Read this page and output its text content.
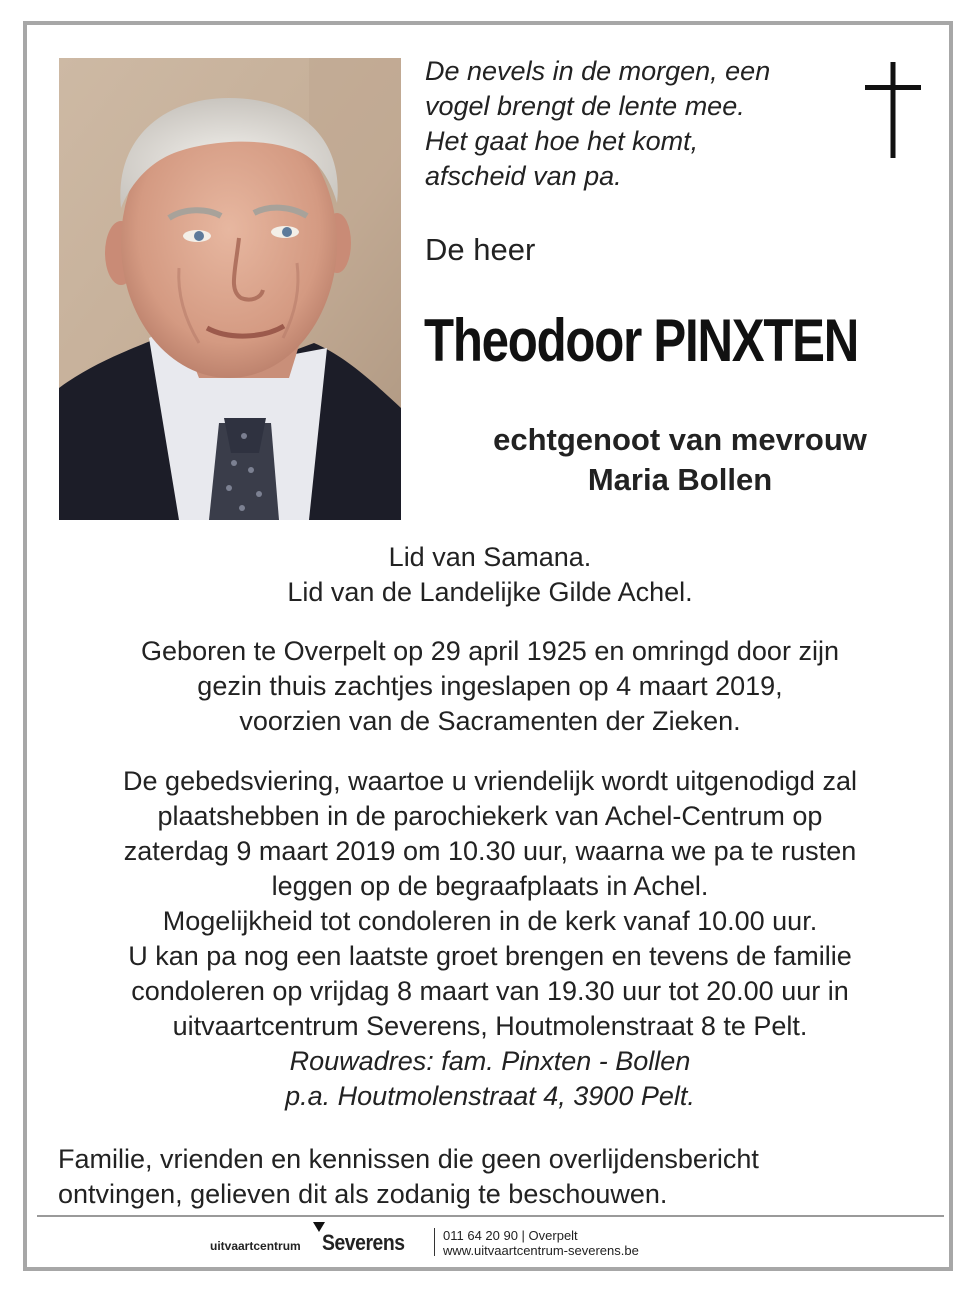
De nevels in de morgen, een
vogel brengt de lente mee.
Het gaat hoe het komt,
afscheid van pa.
De heer
Theodoor PINXTEN
echtgenoot van mevrouw
Maria Bollen
Lid van Samana.
Lid van de Landelijke Gilde Achel.
Geboren te Overpelt op 29 april 1925 en omringd door zijn
gezin thuis zachtjes ingeslapen op 4 maart 2019,
voorzien van de Sacramenten der Zieken.
De gebedsviering, waartoe u vriendelijk wordt uitgenodigd zal
plaatshebben in de parochiekerk van Achel-Centrum op
zaterdag 9 maart 2019 om 10.30 uur, waarna we pa te rusten
leggen op de begraafplaats in Achel.
Mogelijkheid tot condoleren in de kerk vanaf 10.00 uur.
U kan pa nog een laatste groet brengen en tevens de familie
condoleren op vrijdag 8 maart van 19.30 uur tot 20.00 uur in
uitvaartcentrum Severens, Houtmolenstraat 8 te Pelt.
Rouwadres: fam. Pinxten - Bollen
p.a. Houtmolenstraat 4, 3900 Pelt.
Familie, vrienden en kennissen die geen overlijdensbericht
ontvingen, gelieven dit als zodanig te beschouwen.
uitvaartcentrum Severens	011 64 20 90 | Overpelt
www.uitvaartcentrum-severens.be
